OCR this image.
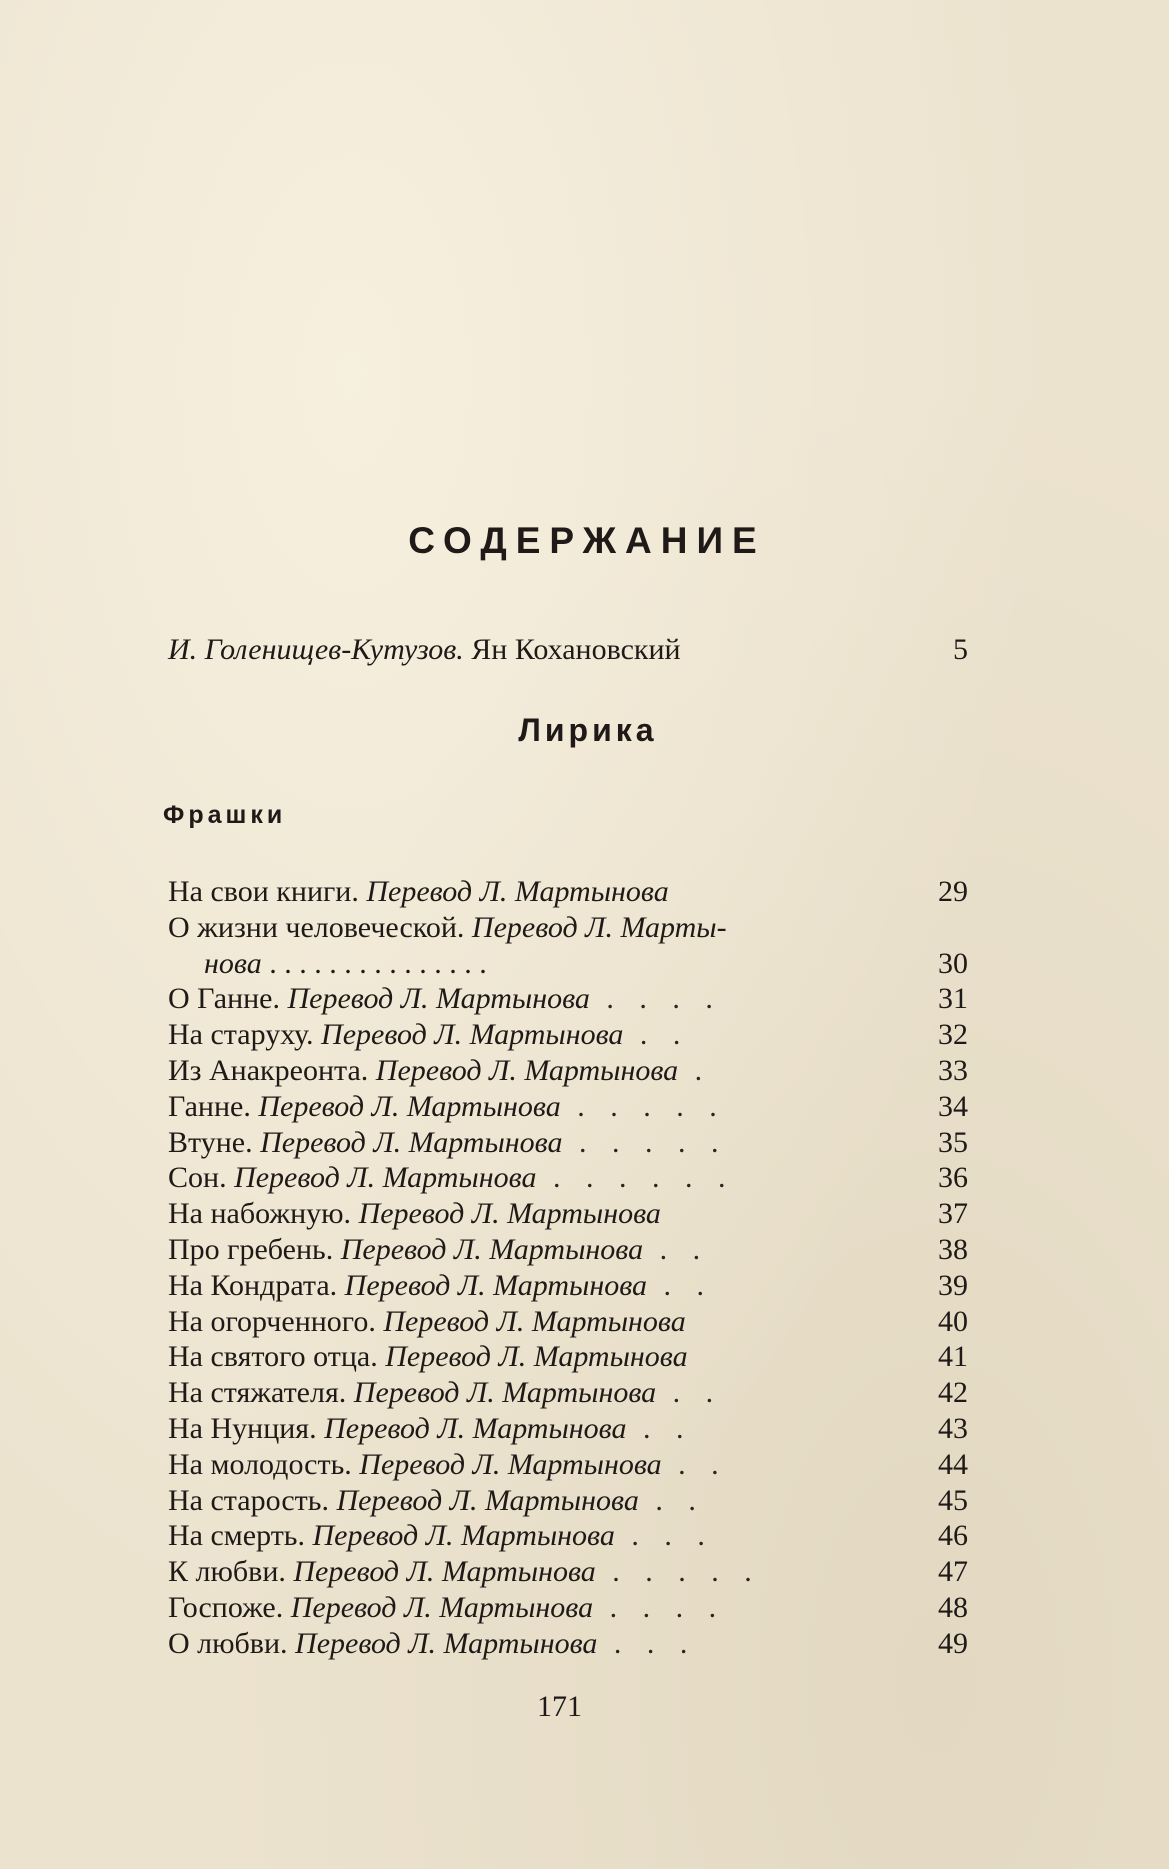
СОДЕРЖАНИЕ
И. Голенищев-Кутузов. Ян Кохановский	5
Лирика
Фрашки
На свои книги. Перевод Л. Мартынова	29
О жизни человеческой. Перевод Л. Марты-
нова . . . . . . . . . . . . . . .	30
О Ганне. Перевод Л. Мартынова . . . .	31
На старуху. Перевод Л. Мартынова . .	32
Из Анакреонта. Перевод Л. Мартынова .	33
Ганне. Перевод Л. Мартынова . . . . .	34
Втуне. Перевод Л. Мартынова . . . . .	35
Сон. Перевод Л. Мартынова . . . . . .	36
На набожную. Перевод Л. Мартынова	37
Про гребень. Перевод Л. Мартынова . .	38
На Кондрата. Перевод Л. Мартынова . .	39
На огорченного. Перевод Л. Мартынова	40
На святого отца. Перевод Л. Мартынова	41
На стяжателя. Перевод Л. Мартынова . .	42
На Нунция. Перевод Л. Мартынова . .	43
На молодость. Перевод Л. Мартынова . .	44
На старость. Перевод Л. Мартынова . .	45
На смерть. Перевод Л. Мартынова . . .	46
К любви. Перевод Л. Мартынова . . . . .	47
Госпоже. Перевод Л. Мартынова . . . .	48
О любви. Перевод Л. Мартынова . . .	49
171
